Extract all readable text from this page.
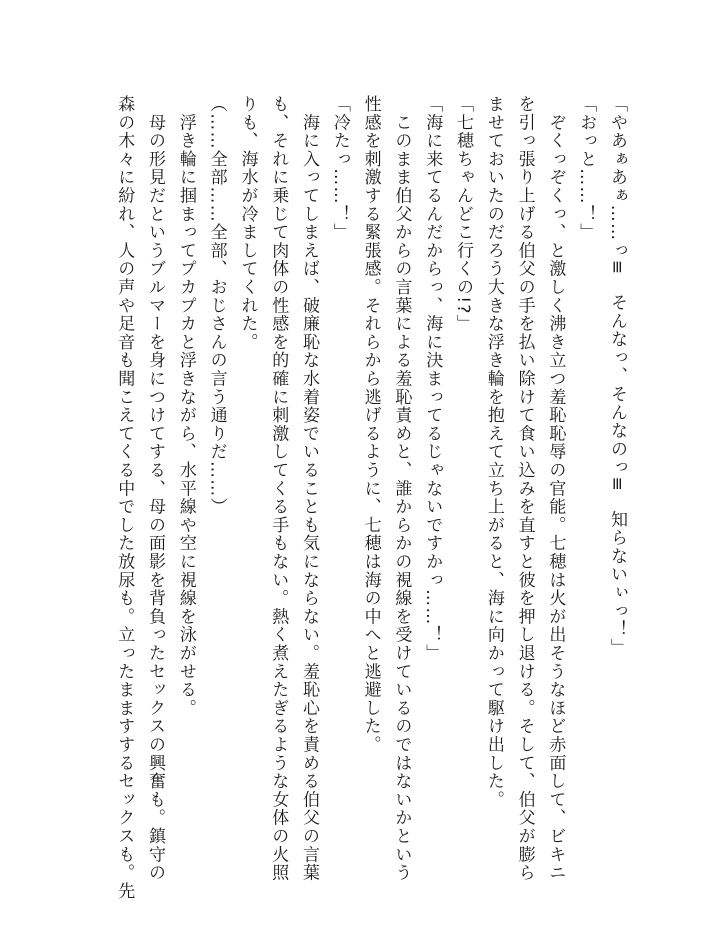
「やあぁあぁ……っ≡　そんなっ、そんなのっ≡　知らないぃっ！」
「おっと……！」
　ぞくっぞくっ、と激しく沸き立つ羞恥恥辱の官能。七穂は火が出そうなほど赤面して、ビキニ
を引っ張り上げる伯父の手を払い除けて食い込みを直すと彼を押し退ける。そして、伯父が膨ら
ませておいたのだろう大きな浮き輪を抱えて立ち上がると、海に向かって駆け出した。
「七穂ちゃんどこ行くの!?」
「海に来てるんだからっ、海に決まってるじゃないですかっ……！」
　このまま伯父からの言葉による羞恥責めと、誰からかの視線を受けているのではないかという
性感を刺激する緊張感。それらから逃げるように、七穂は海の中へと逃避した。
「冷たっ……！」
　海に入ってしまえば、破廉恥な水着姿でいることも気にならない。羞恥心を責める伯父の言葉
も、それに乗じて肉体の性感を的確に刺激してくる手もない。熱く煮えたぎるような女体の火照
りも、海水が冷ましてくれた。
（……全部……全部、おじさんの言う通りだ……）
　浮き輪に掴まってプカプカと浮きながら、水平線や空に視線を泳がせる。
　母の形見だというブルマーを身につけてする、母の面影を背負ったセックスの興奮も。鎮守の
森の木々に紛れ、人の声や足音も聞こえてくる中でした放尿も。立ったまますするセックスも。先
